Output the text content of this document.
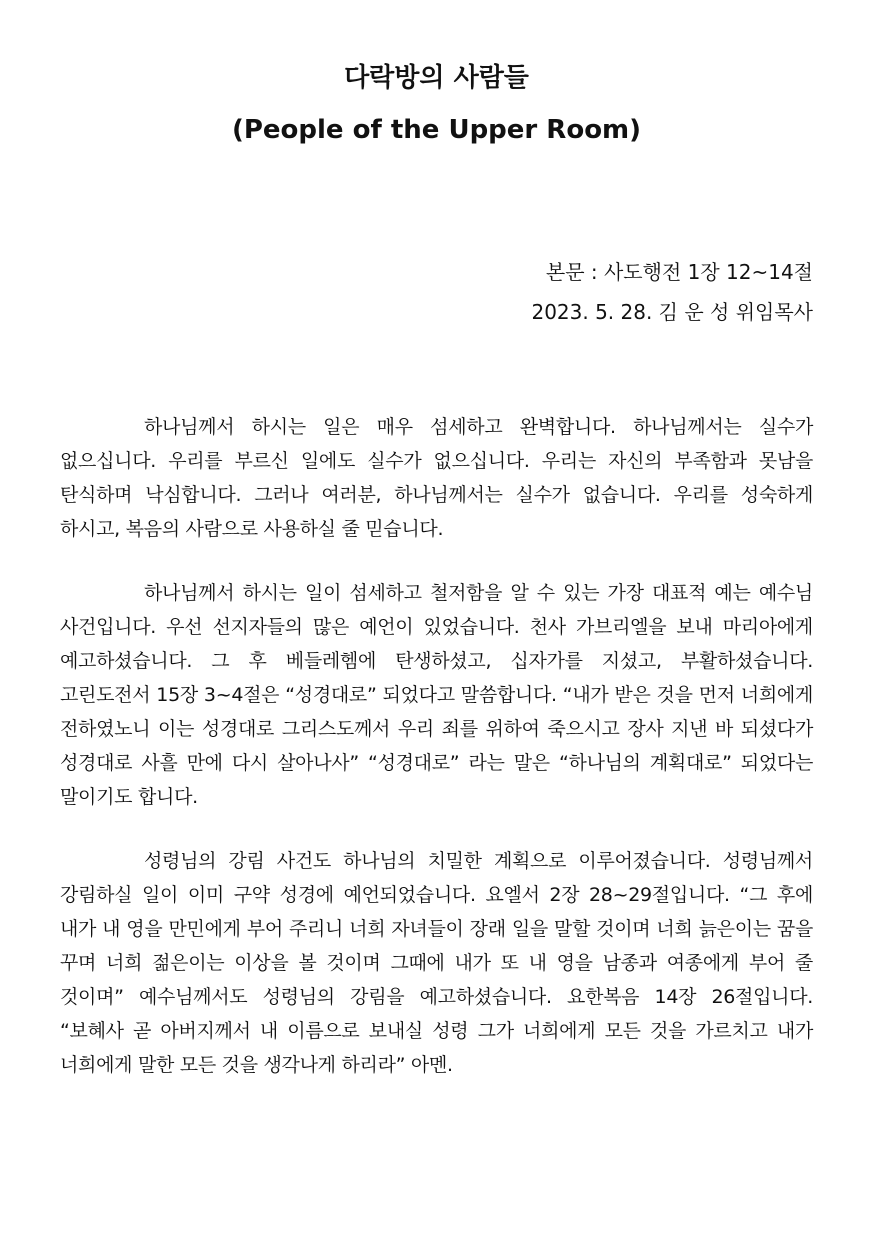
다락방의 사람들
(People of the Upper Room)
본문 : 사도행전 1장 12~14절
2023. 5. 28. 김 운 성 위임목사

하나님께서 하시는 일은 매우 섬세하고 완벽합니다. 하나님께서는 실수가 없으십니다. 우리를 부르신 일에도 실수가 없으십니다. 우리는 자신의 부족함과 못남을 탄식하며 낙심합니다. 그러나 여러분, 하나님께서는 실수가 없습니다. 우리를 성숙하게 하시고, 복음의 사람으로 사용하실 줄 믿습니다.

하나님께서 하시는 일이 섬세하고 철저함을 알 수 있는 가장 대표적 예는 예수님 사건입니다. 우선 선지자들의 많은 예언이 있었습니다. 천사 가브리엘을 보내 마리아에게 예고하셨습니다. 그 후 베들레헴에 탄생하셨고, 십자가를 지셨고, 부활하셨습니다. 고린도전서 15장 3~4절은 “성경대로” 되었다고 말씀합니다. “내가 받은 것을 먼저 너희에게 전하였노니 이는 성경대로 그리스도께서 우리 죄를 위하여 죽으시고 장사 지낸 바 되셨다가 성경대로 사흘 만에 다시 살아나사” “성경대로” 라는 말은 “하나님의 계획대로” 되었다는 말이기도 합니다.

성령님의 강림 사건도 하나님의 치밀한 계획으로 이루어졌습니다. 성령님께서 강림하실 일이 이미 구약 성경에 예언되었습니다. 요엘서 2장 28~29절입니다. “그 후에 내가 내 영을 만민에게 부어 주리니 너희 자녀들이 장래 일을 말할 것이며 너희 늙은이는 꿈을 꾸며 너희 젊은이는 이상을 볼 것이며 그때에 내가 또 내 영을 남종과 여종에게 부어 줄 것이며” 예수님께서도 성령님의 강림을 예고하셨습니다. 요한복음 14장 26절입니다. “보혜사 곧 아버지께서 내 이름으로 보내실 성령 그가 너희에게 모든 것을 가르치고 내가 너희에게 말한 모든 것을 생각나게 하리라” 아멘.
